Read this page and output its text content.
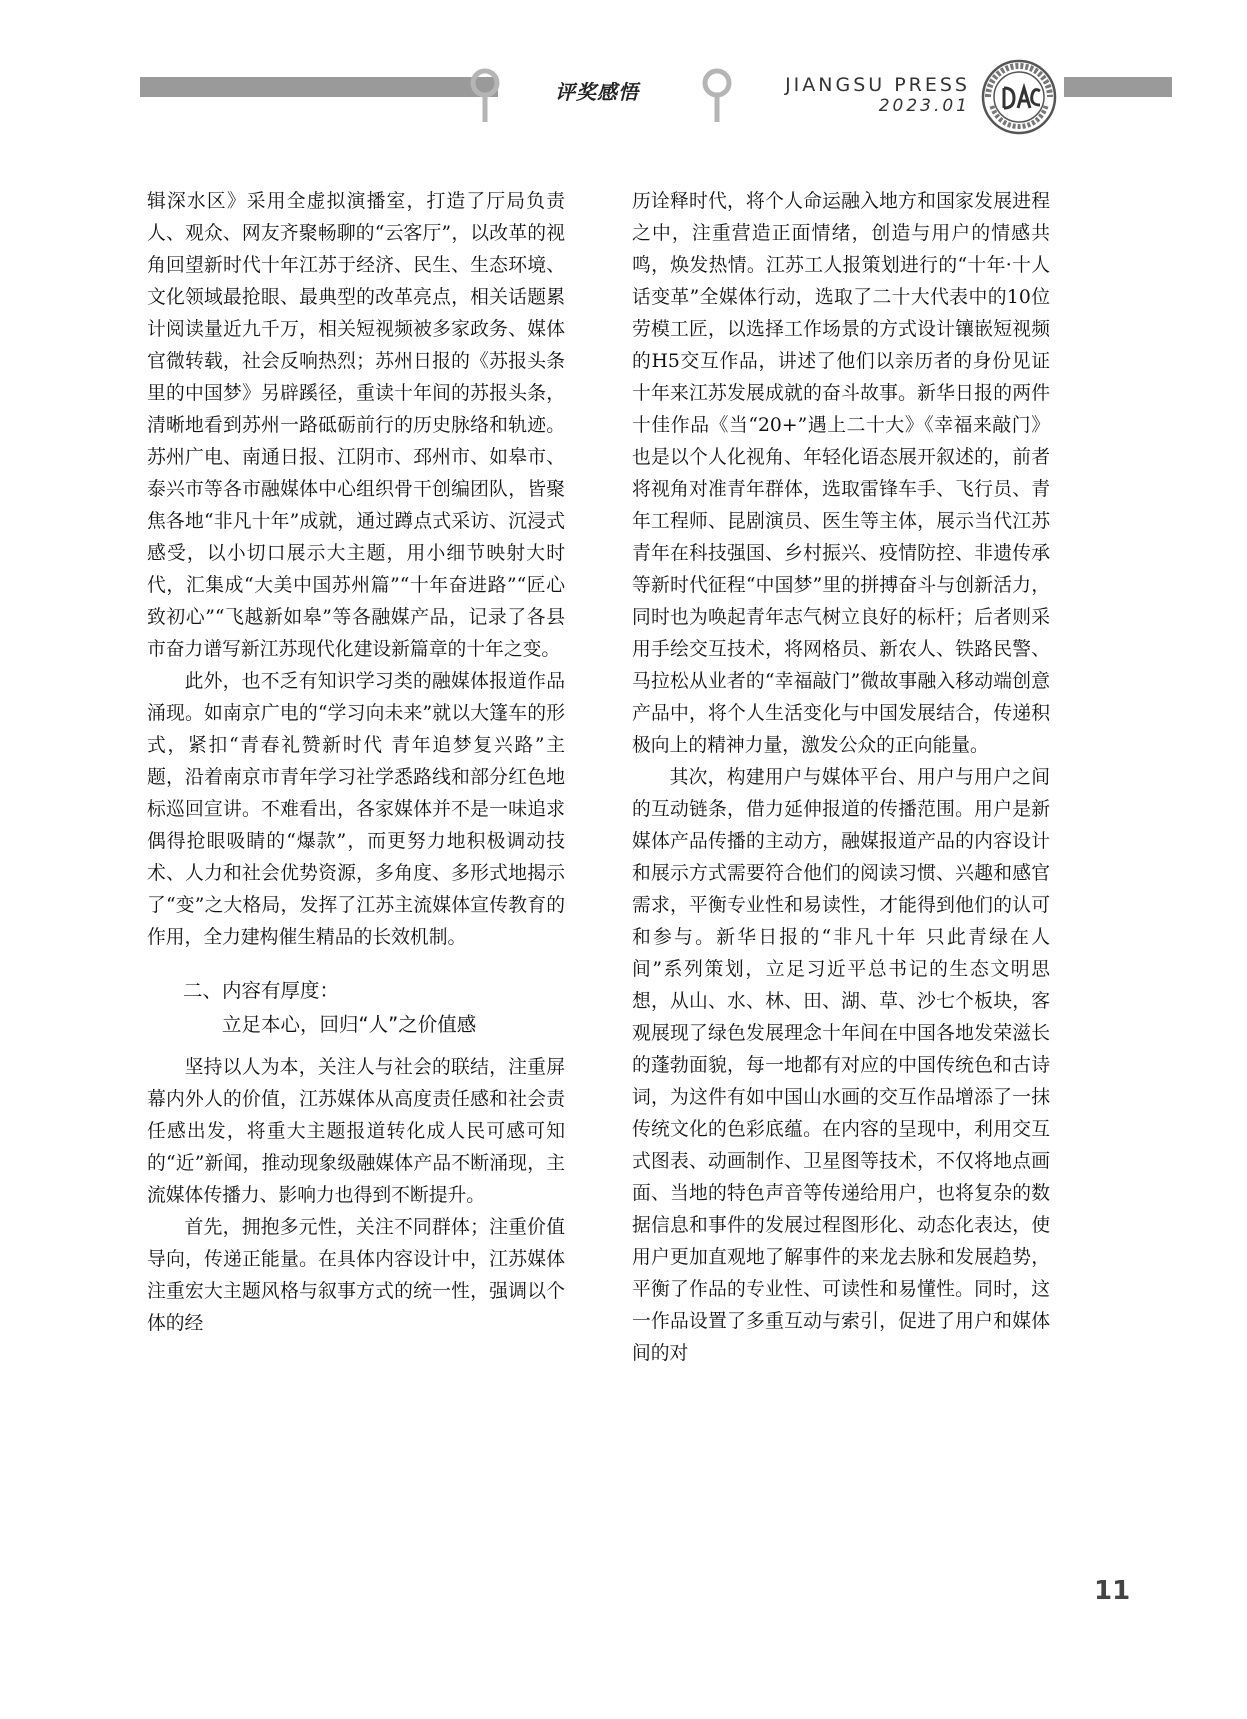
评奖感悟	JIANGSU PRESS
2023.01

辑深水区》采用全虚拟演播室，打造了厅局负责人、观众、网友齐聚畅聊的“云客厅”，以改革的视角回望新时代十年江苏于经济、民生、生态环境、文化领域最抢眼、最典型的改革亮点，相关话题累计阅读量近九千万，相关短视频被多家政务、媒体官微转载，社会反响热烈；苏州日报的《苏报头条里的中国梦》另辟蹊径，重读十年间的苏报头条，清晰地看到苏州一路砥砺前行的历史脉络和轨迹。苏州广电、南通日报、江阴市、邳州市、如皋市、泰兴市等各市融媒体中心组织骨干创编团队，皆聚焦各地“非凡十年”成就，通过蹲点式采访、沉浸式感受，以小切口展示大主题，用小细节映射大时代，汇集成“大美中国苏州篇”“十年奋进路”“匠心致初心”“飞越新如皋”等各融媒产品，记录了各县市奋力谱写新江苏现代化建设新篇章的十年之变。

此外，也不乏有知识学习类的融媒体报道作品涌现。如南京广电的“学习向未来”就以大篷车的形式，紧扣“青春礼赞新时代 青年追梦复兴路”主题，沿着南京市青年学习社学悉路线和部分红色地标巡回宣讲。不难看出，各家媒体并不是一味追求偶得抢眼吸睛的“爆款”，而更努力地积极调动技术、人力和社会优势资源，多角度、多形式地揭示了“变”之大格局，发挥了江苏主流媒体宣传教育的作用，全力建构催生精品的长效机制。

二、内容有厚度：
立足本心，回归“人”之价值感

坚持以人为本，关注人与社会的联结，注重屏幕内外人的价值，江苏媒体从高度责任感和社会责任感出发，将重大主题报道转化成人民可感可知的“近”新闻，推动现象级融媒体产品不断涌现，主流媒体传播力、影响力也得到不断提升。

首先，拥抱多元性，关注不同群体；注重价值导向，传递正能量。在具体内容设计中，江苏媒体注重宏大主题风格与叙事方式的统一性，强调以个体的经

历诠释时代，将个人命运融入地方和国家发展进程之中，注重营造正面情绪，创造与用户的情感共鸣，焕发热情。江苏工人报策划进行的“十年·十人话变革”全媒体行动，选取了二十大代表中的10位劳模工匠，以选择工作场景的方式设计镶嵌短视频的H5交互作品，讲述了他们以亲历者的身份见证十年来江苏发展成就的奋斗故事。新华日报的两件十佳作品《当“20+”遇上二十大》《幸福来敲门》也是以个人化视角、年轻化语态展开叙述的，前者将视角对准青年群体，选取雷锋车手、飞行员、青年工程师、昆剧演员、医生等主体，展示当代江苏青年在科技强国、乡村振兴、疫情防控、非遗传承等新时代征程“中国梦”里的拼搏奋斗与创新活力，同时也为唤起青年志气树立良好的标杆；后者则采用手绘交互技术，将网格员、新农人、铁路民警、马拉松从业者的“幸福敲门”微故事融入移动端创意产品中，将个人生活变化与中国发展结合，传递积极向上的精神力量，激发公众的正向能量。

其次，构建用户与媒体平台、用户与用户之间的互动链条，借力延伸报道的传播范围。用户是新媒体产品传播的主动方，融媒报道产品的内容设计和展示方式需要符合他们的阅读习惯、兴趣和感官需求，平衡专业性和易读性，才能得到他们的认可和参与。新华日报的“非凡十年 只此青绿在人间”系列策划，立足习近平总书记的生态文明思想，从山、水、林、田、湖、草、沙七个板块，客观展现了绿色发展理念十年间在中国各地发荣滋长的蓬勃面貌，每一地都有对应的中国传统色和古诗词，为这件有如中国山水画的交互作品增添了一抹传统文化的色彩底蕴。在内容的呈现中，利用交互式图表、动画制作、卫星图等技术，不仅将地点画面、当地的特色声音等传递给用户，也将复杂的数据信息和事件的发展过程图形化、动态化表达，使用户更加直观地了解事件的来龙去脉和发展趋势，平衡了作品的专业性、可读性和易懂性。同时，这一作品设置了多重互动与索引，促进了用户和媒体间的对

11
